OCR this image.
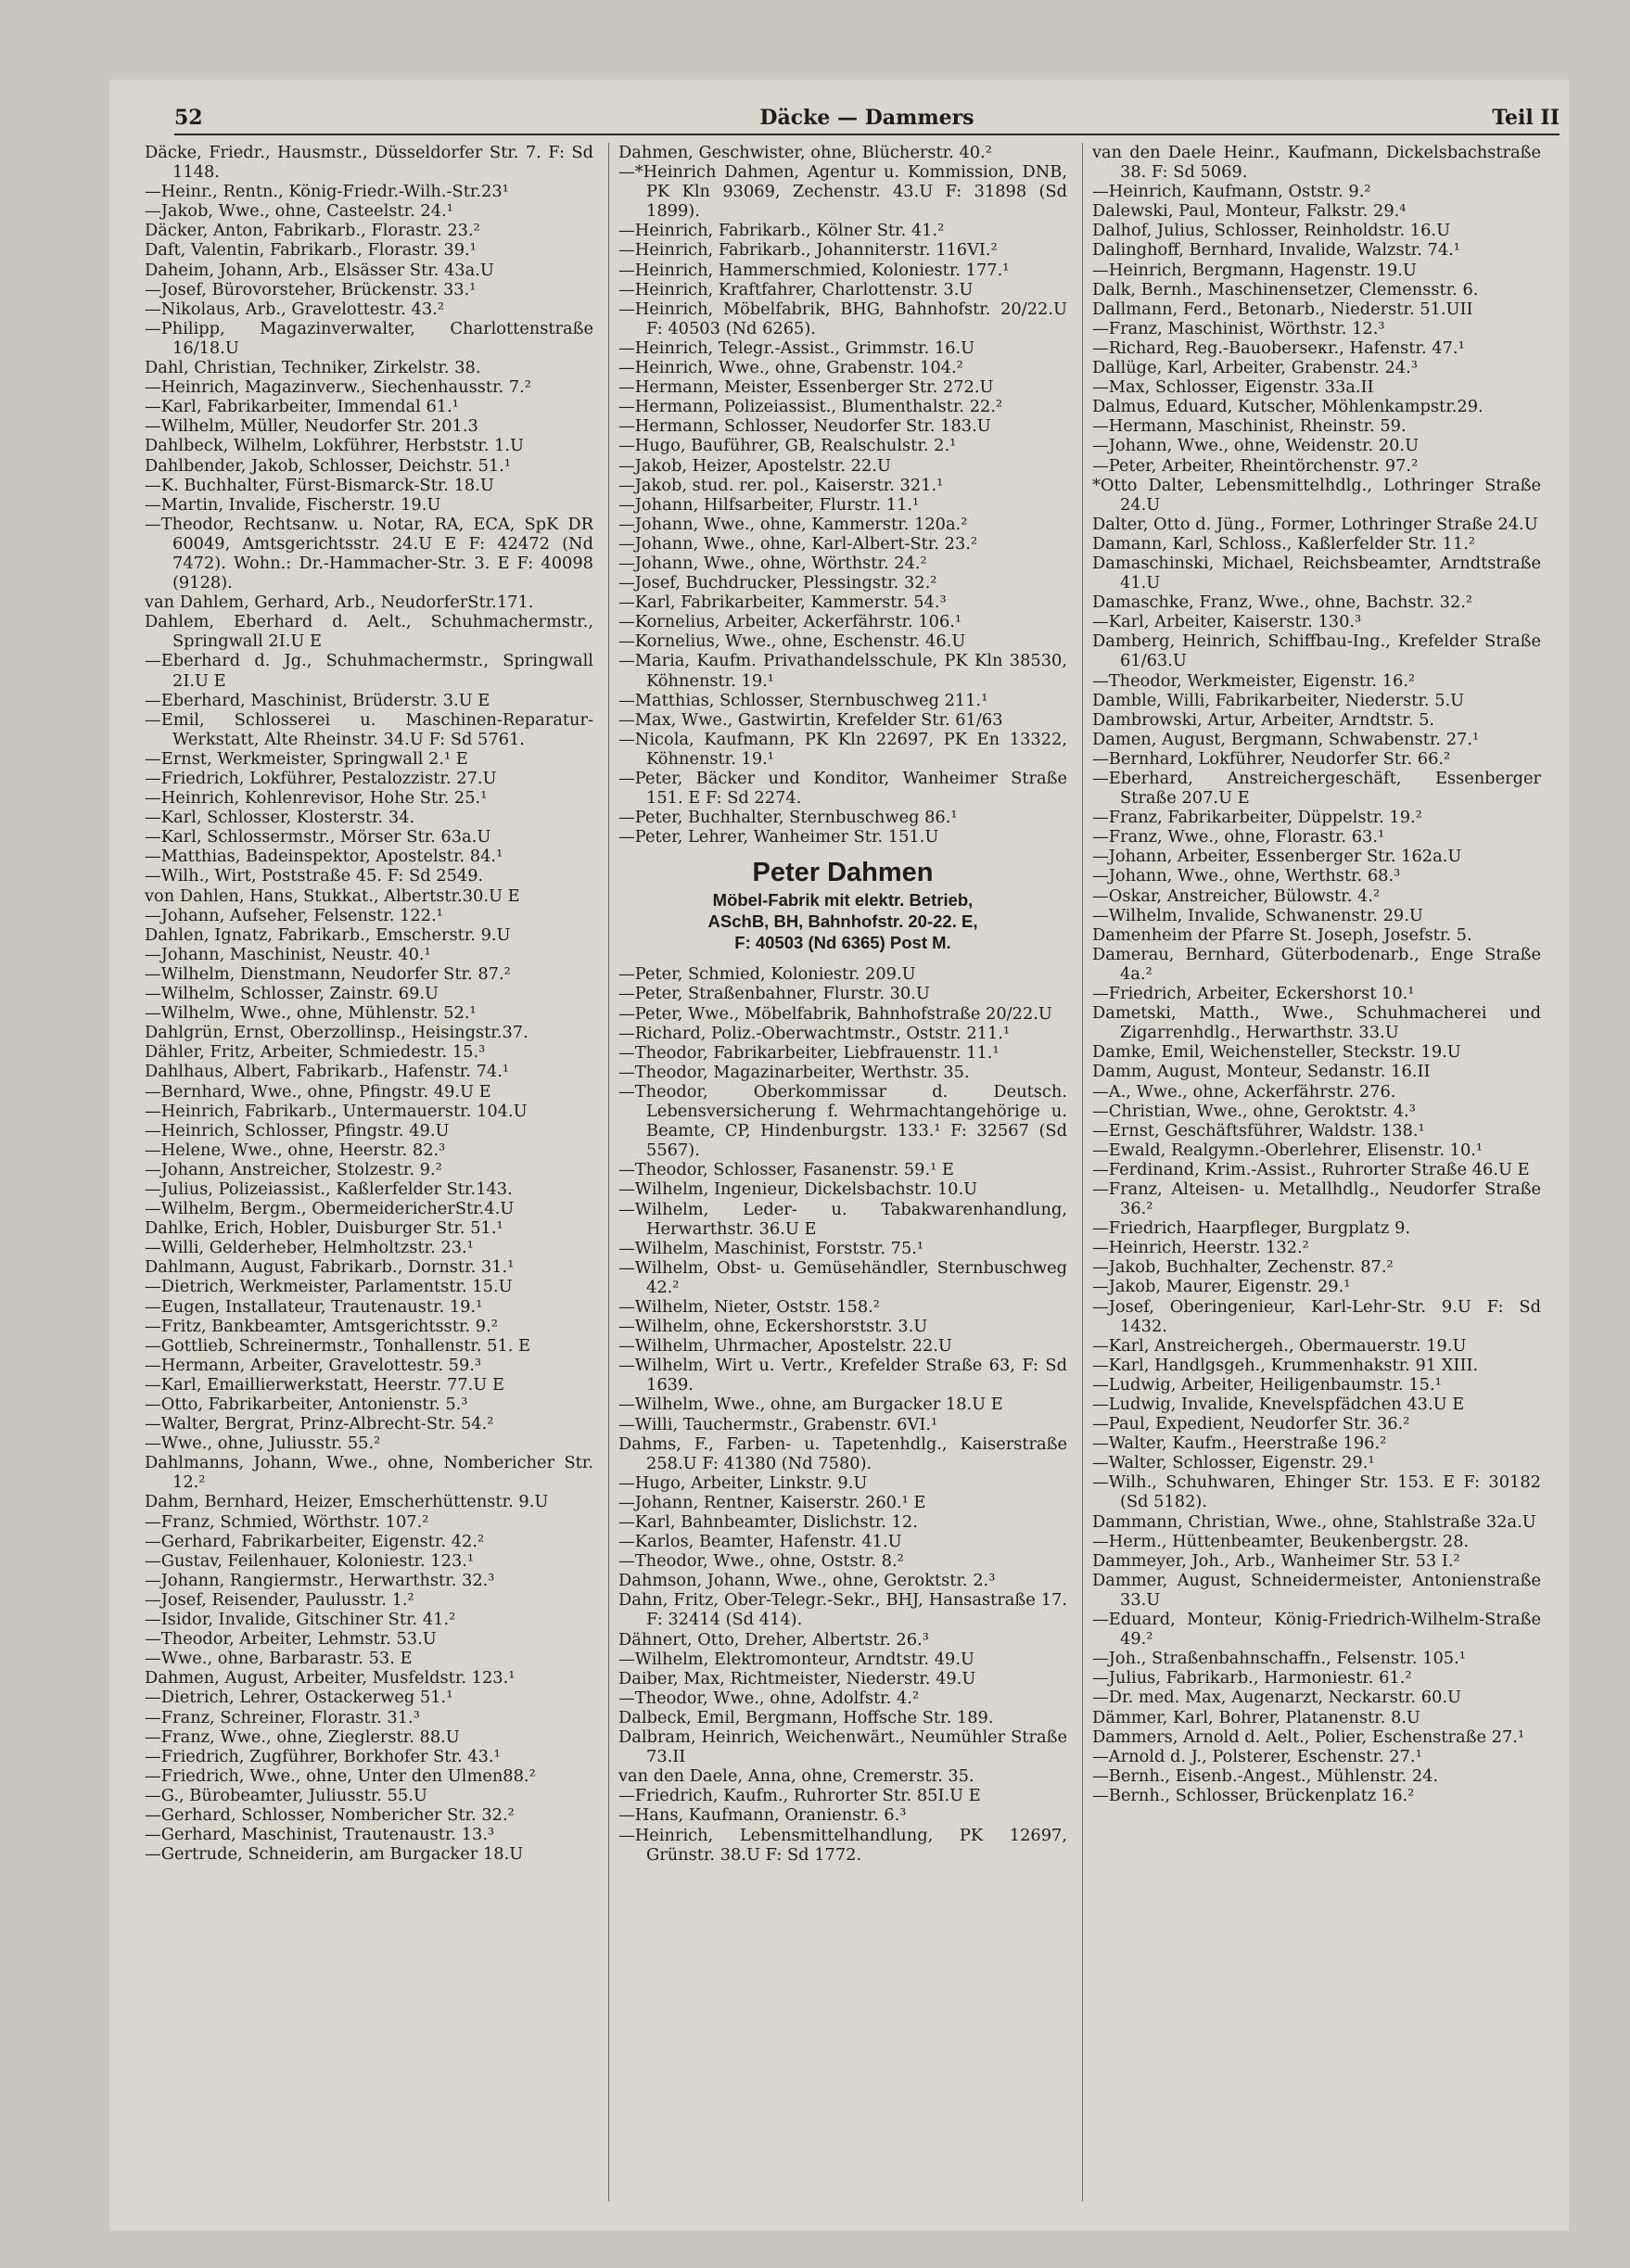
52	Däcke — Dammers	Teil II
Däcke, Friedr., Hausmstr., Düsseldorfer Str. 7. F: Sd 1148.
—Heinr., Rentn., König-Friedr.-Wilh.-Str.23¹
—Jakob, Wwe., ohne, Casteelstr. 24.¹
Däcker, Anton, Fabrikarb., Florastr. 23.²
Daft, Valentin, Fabrikarb., Florastr. 39.¹
Daheim, Johann, Arb., Elsässer Str. 43a.U
—Josef, Bürovorsteher, Brückenstr. 33.¹
—Nikolaus, Arb., Gravelottestr. 43.²
—Philipp, Magazinverwalter, Charlottenstraße 16/18.U
Dahl, Christian, Techniker, Zirkelstr. 38.
—Heinrich, Magazinverw., Siechenhausstr. 7.²
—Karl, Fabrikarbeiter, Immendal 61.¹
—Wilhelm, Müller, Neudorfer Str. 201.3
Dahlbeck, Wilhelm, Lokführer, Herbststr. 1.U
Dahlbender, Jakob, Schlosser, Deichstr. 51.¹
—K. Buchhalter, Fürst-Bismarck-Str. 18.U
—Martin, Invalide, Fischerstr. 19.U
—Theodor, Rechtsanw. u. Notar, RA, ECA, SpK DR 60049, Amtsgerichtsstr. 24.U E F: 42472 (Nd 7472). Wohn.: Dr.-Hammacher-Str. 3. E F: 40098 (9128).
van Dahlem, Gerhard, Arb., NeudorferStr.171.
Dahlem, Eberhard d. Aelt., Schuhmachermstr., Springwall 2I.U E
—Eberhard d. Jg., Schuhmachermstr., Springwall 2I.U E
—Eberhard, Maschinist, Brüderstr. 3.U E
—Emil, Schlosserei u. Maschinen-Reparatur-Werkstatt, Alte Rheinstr. 34.U F: Sd 5761.
—Ernst, Werkmeister, Springwall 2.¹ E
—Friedrich, Lokführer, Pestalozzistr. 27.U
—Heinrich, Kohlenrevisor, Hohe Str. 25.¹
—Karl, Schlosser, Klosterstr. 34.
—Karl, Schlossermstr., Mörser Str. 63a.U
—Matthias, Badeinspektor, Apostelstr. 84.¹
—Wilh., Wirt, Poststraße 45. F: Sd 2549.
von Dahlen, Hans, Stukkat., Albertstr.30.U E
—Johann, Aufseher, Felsenstr. 122.¹
Dahlen, Ignatz, Fabrikarb., Emscherstr. 9.U
—Johann, Maschinist, Neustr. 40.¹
—Wilhelm, Dienstmann, Neudorfer Str. 87.²
—Wilhelm, Schlosser, Zainstr. 69.U
—Wilhelm, Wwe., ohne, Mühlenstr. 52.¹
Dahlgrün, Ernst, Oberzollinsp., Heisingstr.37.
Dähler, Fritz, Arbeiter, Schmiedestr. 15.³
Dahlhaus, Albert, Fabrikarb., Hafenstr. 74.¹
—Bernhard, Wwe., ohne, Pfingstr. 49.U E
—Heinrich, Fabrikarb., Untermauerstr. 104.U
—Heinrich, Schlosser, Pfingstr. 49.U
—Helene, Wwe., ohne, Heerstr. 82.³
—Johann, Anstreicher, Stolzestr. 9.²
—Julius, Polizeiassist., Kaßlerfelder Str.143.
—Wilhelm, Bergm., ObermeidericherStr.4.U
Dahlke, Erich, Hobler, Duisburger Str. 51.¹
—Willi, Gelderheber, Helmholtzstr. 23.¹
Dahlmann, August, Fabrikarb., Dornstr. 31.¹
—Dietrich, Werkmeister, Parlamentstr. 15.U
—Eugen, Installateur, Trautenaustr. 19.¹
—Fritz, Bankbeamter, Amtsgerichtsstr. 9.²
—Gottlieb, Schreinermstr., Tonhallenstr. 51. E
—Hermann, Arbeiter, Gravelottestr. 59.³
—Karl, Emaillierwerkstatt, Heerstr. 77.U E
—Otto, Fabrikarbeiter, Antonienstr. 5.³
—Walter, Bergrat, Prinz-Albrecht-Str. 54.²
—Wwe., ohne, Juliusstr. 55.²
Dahlmanns, Johann, Wwe., ohne, Nombericher Str. 12.²
Dahm, Bernhard, Heizer, Emscherhüttenstr. 9.U
—Franz, Schmied, Wörthstr. 107.²
—Gerhard, Fabrikarbeiter, Eigenstr. 42.²
—Gustav, Feilenhauer, Koloniestr. 123.¹
—Johann, Rangiermstr., Herwarthstr. 32.³
—Josef, Reisender, Paulusstr. 1.²
—Isidor, Invalide, Gitschiner Str. 41.²
—Theodor, Arbeiter, Lehmstr. 53.U
—Wwe., ohne, Barbarastr. 53. E
Dahmen, August, Arbeiter, Musfeldstr. 123.¹
—Dietrich, Lehrer, Ostackerweg 51.¹
—Franz, Schreiner, Florastr. 31.³
—Franz, Wwe., ohne, Zieglerstr. 88.U
—Friedrich, Zugführer, Borkhofer Str. 43.¹
—Friedrich, Wwe., ohne, Unter den Ulmen88.²
—G., Bürobeamter, Juliusstr. 55.U
—Gerhard, Schlosser, Nombericher Str. 32.²
—Gerhard, Maschinist, Trautenaustr. 13.³
—Gertrude, Schneiderin, am Burgacker 18.U
Dahmen, Geschwister, ohne, Blücherstr. 40.²
—*Heinrich Dahmen, Agentur u. Kommission, DNB, PK Kln 93069, Zechenstr. 43.U F: 31898 (Sd 1899).
—Heinrich, Fabrikarb., Kölner Str. 41.²
—Heinrich, Fabrikarb., Johanniterstr. 116VI.²
—Heinrich, Hammerschmied, Koloniestr. 177.¹
—Heinrich, Kraftfahrer, Charlottenstr. 3.U
—Heinrich, Möbelfabrik, BHG, Bahnhofstr. 20/22.U F: 40503 (Nd 6265).
—Heinrich, Telegr.-Assist., Grimmstr. 16.U
—Heinrich, Wwe., ohne, Grabenstr. 104.²
—Hermann, Meister, Essenberger Str. 272.U
—Hermann, Polizeiassist., Blumenthalstr. 22.²
—Hermann, Schlosser, Neudorfer Str. 183.U
—Hugo, Bauführer, GB, Realschulstr. 2.¹
—Jakob, Heizer, Apostelstr. 22.U
—Jakob, stud. rer. pol., Kaiserstr. 321.¹
—Johann, Hilfsarbeiter, Flurstr. 11.¹
—Johann, Wwe., ohne, Kammerstr. 120a.²
—Johann, Wwe., ohne, Karl-Albert-Str. 23.²
—Johann, Wwe., ohne, Wörthstr. 24.²
—Josef, Buchdrucker, Plessingstr. 32.²
—Karl, Fabrikarbeiter, Kammerstr. 54.³
—Kornelius, Arbeiter, Ackerfährstr. 106.¹
—Kornelius, Wwe., ohne, Eschenstr. 46.U
—Maria, Kaufm. Privathandelsschule, PK Kln 38530, Köhnenstr. 19.¹
—Matthias, Schlosser, Sternbuschweg 211.¹
—Max, Wwe., Gastwirtin, Krefelder Str. 61/63
—Nicola, Kaufmann, PK Kln 22697, PK En 13322, Köhnenstr. 19.¹
—Peter, Bäcker und Konditor, Wanheimer Straße 151. E F: Sd 2274.
—Peter, Buchhalter, Sternbuschweg 86.¹
—Peter, Lehrer, Wanheimer Str. 151.U
Peter Dahmen
Möbel-Fabrik mit elektr. Betrieb,
ASchB, BH, Bahnhofstr. 20-22. E,
F: 40503 (Nd 6365) Post M.
—Peter, Schmied, Koloniestr. 209.U
—Peter, Straßenbahner, Flurstr. 30.U
—Peter, Wwe., Möbelfabrik, Bahnhofstraße 20/22.U
—Richard, Poliz.-Oberwachtmstr., Oststr. 211.¹
—Theodor, Fabrikarbeiter, Liebfrauenstr. 11.¹
—Theodor, Magazinarbeiter, Werthstr. 35.
—Theodor, Oberkommissar d. Deutsch. Lebensversicherung f. Wehrmachtangehörige u. Beamte, CP, Hindenburgstr. 133.¹ F: 32567 (Sd 5567).
—Theodor, Schlosser, Fasanenstr. 59.¹ E
—Wilhelm, Ingenieur, Dickelsbachstr. 10.U
—Wilhelm, Leder- u. Tabakwarenhandlung, Herwarthstr. 36.U E
—Wilhelm, Maschinist, Forststr. 75.¹
—Wilhelm, Obst- u. Gemüsehändler, Sternbuschweg 42.²
—Wilhelm, Nieter, Oststr. 158.²
—Wilhelm, ohne, Eckershorststr. 3.U
—Wilhelm, Uhrmacher, Apostelstr. 22.U
—Wilhelm, Wirt u. Vertr., Krefelder Straße 63, F: Sd 1639.
—Wilhelm, Wwe., ohne, am Burgacker 18.U E
—Willi, Tauchermstr., Grabenstr. 6VI.¹
Dahms, F., Farben- u. Tapetenhdlg., Kaiserstraße 258.U F: 41380 (Nd 7580).
—Hugo, Arbeiter, Linkstr. 9.U
—Johann, Rentner, Kaiserstr. 260.¹ E
—Karl, Bahnbeamter, Dislichstr. 12.
—Karlos, Beamter, Hafenstr. 41.U
—Theodor, Wwe., ohne, Oststr. 8.²
Dahmson, Johann, Wwe., ohne, Geroktstr. 2.³
Dahn, Fritz, Ober-Telegr.-Sekr., BHJ, Hansastraße 17. F: 32414 (Sd 414).
Dähnert, Otto, Dreher, Albertstr. 26.³
—Wilhelm, Elektromonteur, Arndtstr. 49.U
Daiber, Max, Richtmeister, Niederstr. 49.U
—Theodor, Wwe., ohne, Adolfstr. 4.²
Dalbeck, Emil, Bergmann, Hoffsche Str. 189.
Dalbram, Heinrich, Weichenwärt., Neumühler Straße 73.II
van den Daele, Anna, ohne, Cremerstr. 35.
—Friedrich, Kaufm., Ruhrorter Str. 85I.U E
—Hans, Kaufmann, Oranienstr. 6.³
—Heinrich, Lebensmittelhandlung, PK 12697, Grünstr. 38.U F: Sd 1772.
van den Daele Heinr., Kaufmann, Dickelsbachstraße 38. F: Sd 5069.
—Heinrich, Kaufmann, Oststr. 9.²
Dalewski, Paul, Monteur, Falkstr. 29.⁴
Dalhof, Julius, Schlosser, Reinholdstr. 16.U
Dalinghoff, Bernhard, Invalide, Walzstr. 74.¹
—Heinrich, Bergmann, Hagenstr. 19.U
Dalk, Bernh., Maschinensetzer, Clemensstr. 6.
Dallmann, Ferd., Betonarb., Niederstr. 51.UII
—Franz, Maschinist, Wörthstr. 12.³
—Richard, Reg.-Bauoberseкr., Hafenstr. 47.¹
Dallüge, Karl, Arbeiter, Grabenstr. 24.³
—Max, Schlosser, Eigenstr. 33a.II
Dalmus, Eduard, Kutscher, Möhlenkampstr.29.
—Hermann, Maschinist, Rheinstr. 59.
—Johann, Wwe., ohne, Weidenstr. 20.U
—Peter, Arbeiter, Rheintörchenstr. 97.²
*Otto Dalter, Lebensmittelhdlg., Lothringer Straße 24.U
Dalter, Otto d. Jüng., Former, Lothringer Straße 24.U
Damann, Karl, Schloss., Kaßlerfelder Str. 11.²
Damaschinski, Michael, Reichsbeamter, Arndtstraße 41.U
Damaschke, Franz, Wwe., ohne, Bachstr. 32.²
—Karl, Arbeiter, Kaiserstr. 130.³
Damberg, Heinrich, Schiffbau-Ing., Krefelder Straße 61/63.U
—Theodor, Werkmeister, Eigenstr. 16.²
Damble, Willi, Fabrikarbeiter, Niederstr. 5.U
Dambrowski, Artur, Arbeiter, Arndtstr. 5.
Damen, August, Bergmann, Schwabenstr. 27.¹
—Bernhard, Lokführer, Neudorfer Str. 66.²
—Eberhard, Anstreichergeschäft, Essenberger Straße 207.U E
—Franz, Fabrikarbeiter, Düppelstr. 19.²
—Franz, Wwe., ohne, Florastr. 63.¹
—Johann, Arbeiter, Essenberger Str. 162a.U
—Johann, Wwe., ohne, Werthstr. 68.³
—Oskar, Anstreicher, Bülowstr. 4.²
—Wilhelm, Invalide, Schwanenstr. 29.U
Damenheim der Pfarre St. Joseph, Josefstr. 5.
Damerau, Bernhard, Güterbodenarb., Enge Straße 4a.²
—Friedrich, Arbeiter, Eckershorst 10.¹
Dametski, Matth., Wwe., Schuhmacherei und Zigarrenhdlg., Herwarthstr. 33.U
Damke, Emil, Weichensteller, Steckstr. 19.U
Damm, August, Monteur, Sedanstr. 16.II
—A., Wwe., ohne, Ackerfährstr. 276.
—Christian, Wwe., ohne, Geroktstr. 4.³
—Ernst, Geschäftsführer, Waldstr. 138.¹
—Ewald, Realgymn.-Oberlehrer, Elisenstr. 10.¹
—Ferdinand, Krim.-Assist., Ruhrorter Straße 46.U E
—Franz, Alteisen- u. Metallhdlg., Neudorfer Straße 36.²
—Friedrich, Haarpfleger, Burgplatz 9.
—Heinrich, Heerstr. 132.²
—Jakob, Buchhalter, Zechenstr. 87.²
—Jakob, Maurer, Eigenstr. 29.¹
—Josef, Oberingenieur, Karl-Lehr-Str. 9.U F: Sd 1432.
—Karl, Anstreichergeh., Obermauerstr. 19.U
—Karl, Handlgsgeh., Krummenhakstr. 91 XIII.
—Ludwig, Arbeiter, Heiligenbaumstr. 15.¹
—Ludwig, Invalide, Knevelspfädchen 43.U E
—Paul, Expedient, Neudorfer Str. 36.²
—Walter, Kaufm., Heerstraße 196.²
—Walter, Schlosser, Eigenstr. 29.¹
—Wilh., Schuhwaren, Ehinger Str. 153. E F: 30182 (Sd 5182).
Dammann, Christian, Wwe., ohne, Stahlstraße 32a.U
—Herm., Hüttenbeamter, Beukenbergstr. 28.
Dammeyer, Joh., Arb., Wanheimer Str. 53 I.²
Dammer, August, Schneidermeister, Antonienstraße 33.U
—Eduard, Monteur, König-Friedrich-Wilhelm-Straße 49.²
—Joh., Straßenbahnschaffn., Felsenstr. 105.¹
—Julius, Fabrikarb., Harmoniestr. 61.²
—Dr. med. Max, Augenarzt, Neckarstr. 60.U
Dämmer, Karl, Bohrer, Platanenstr. 8.U
Dammers, Arnold d. Aelt., Polier, Eschenstraße 27.¹
—Arnold d. J., Polsterer, Eschenstr. 27.¹
—Bernh., Eisenb.-Angest., Mühlenstr. 24.
—Bernh., Schlosser, Brückenplatz 16.²
